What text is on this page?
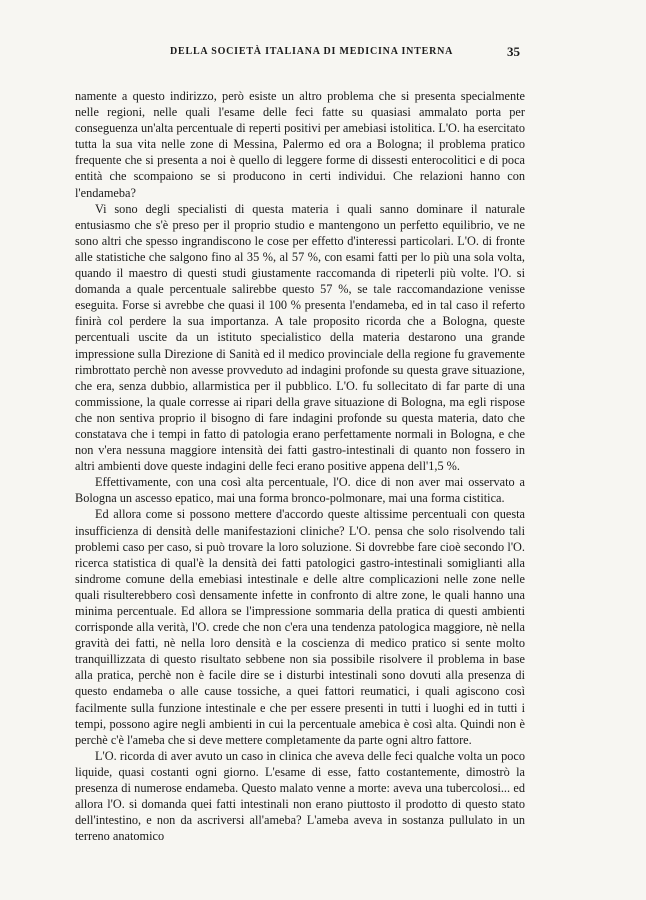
DELLA SOCIETÀ ITALIANA DI MEDICINA INTERNA	35

namente a questo indirizzo, però esiste un altro problema che si presenta specialmente nelle regioni, nelle quali l'esame delle feci fatte su quasiasi ammalato porta per conseguenza un'alta percentuale di reperti positivi per amebiasi istolitica. L'O. ha esercitato tutta la sua vita nelle zone di Messina, Palermo ed ora a Bologna; il problema pratico frequente che si presenta a noi è quello di leggere forme di dissesti enterocolitici e di poca entità che scompaiono se si producono in certi individui. Che relazioni hanno con l'endameba?

Vi sono degli specialisti di questa materia i quali sanno dominare il naturale entusiasmo che s'è preso per il proprio studio e mantengono un perfetto equilibrio, ve ne sono altri che spesso ingrandiscono le cose per effetto d'interessi particolari. L'O. di fronte alle statistiche che salgono fino al 35 %, al 57 %, con esami fatti per lo più una sola volta, quando il maestro di questi studi giustamente raccomanda di ripeterli più volte. l'O. si domanda a quale percentuale salirebbe questo 57 %, se tale raccomandazione venisse eseguita. Forse si avrebbe che quasi il 100 % presenta l'endameba, ed in tal caso il referto finirà col perdere la sua importanza. A tale proposito ricorda che a Bologna, queste percentuali uscite da un istituto specialistico della materia destarono una grande impressione sulla Direzione di Sanità ed il medico provinciale della regione fu gravemente rimbrottato perchè non avesse provveduto ad indagini profonde su questa grave situazione, che era, senza dubbio, allarmistica per il pubblico. L'O. fu sollecitato di far parte di una commissione, la quale corresse ai ripari della grave situazione di Bologna, ma egli rispose che non sentiva proprio il bisogno di fare indagini profonde su questa materia, dato che constatava che i tempi in fatto di patologia erano perfettamente normali in Bologna, e che non v'era nessuna maggiore intensità dei fatti gastro-intestinali di quanto non fossero in altri ambienti dove queste indagini delle feci erano positive appena dell'1,5 %.

Effettivamente, con una così alta percentuale, l'O. dice di non aver mai osservato a Bologna un ascesso epatico, mai una forma bronco-polmonare, mai una forma cistitica.

Ed allora come si possono mettere d'accordo queste altissime percentuali con questa insufficienza di densità delle manifestazioni cliniche? L'O. pensa che solo risolvendo tali problemi caso per caso, si può trovare la loro soluzione. Si dovrebbe fare cioè secondo l'O. ricerca statistica di qual'è la densità dei fatti patologici gastro-intestinali somiglianti alla sindrome comune della emebiasi intestinale e delle altre complicazioni nelle zone nelle quali risulterebbero così densamente infette in confronto di altre zone, le quali hanno una minima percentuale. Ed allora se l'impressione sommaria della pratica di questi ambienti corrisponde alla verità, l'O. crede che non c'era una tendenza patologica maggiore, nè nella gravità dei fatti, nè nella loro densità e la coscienza di medico pratico si sente molto tranquillizzata di questo risultato sebbene non sia possibile risolvere il problema in base alla pratica, perchè non è facile dire se i disturbi intestinali sono dovuti alla presenza di questo endameba o alle cause tossiche, a quei fattori reumatici, i quali agiscono così facilmente sulla funzione intestinale e che per essere presenti in tutti i luoghi ed in tutti i tempi, possono agire negli ambienti in cui la percentuale amebica è così alta. Quindi non è perchè c'è l'ameba che si deve mettere completamente da parte ogni altro fattore.

L'O. ricorda di aver avuto un caso in clinica che aveva delle feci qualche volta un poco liquide, quasi costanti ogni giorno. L'esame di esse, fatto costantemente, dimostrò la presenza di numerose endameba. Questo malato venne a morte: aveva una tubercolosi... ed allora l'O. si domanda quei fatti intestinali non erano piuttosto il prodotto di questo stato dell'intestino, e non da ascriversi all'ameba? L'ameba aveva in sostanza pullulato in un terreno anatomico
